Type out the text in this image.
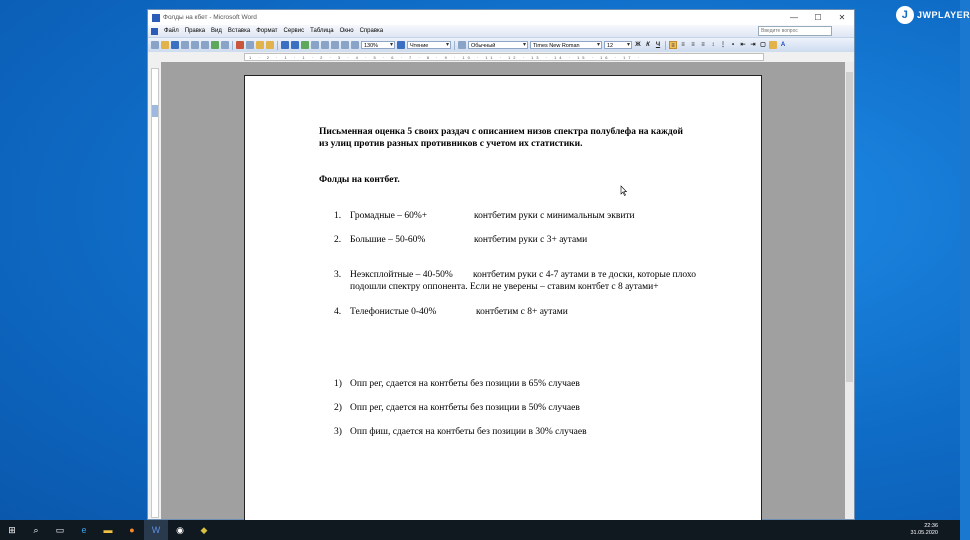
J JWPLAYER
Фолды на кбет - Microsoft Word	—	☐	✕
Файл	Правка	Вид	Вставка	Формат	Сервис	Таблица	Окно	Справка	Введите вопрос
130% ▾	Чтение ▾	Обычный ▾	Times New Roman ▾	12 ▾	Ж К	Ч	≡	≡	≡	≡	↕ ⋮ •	⇤ ⇥ ▢	A
1 · 2 · 1 · 1 · 2 · 3 · 4 · 5 · 6 · 7 · 8 · 9 · 10 · 11 · 12 · 13 · 14 · 15 · 16 · 17 ·
Письменная оценка 5 своих раздач с описанием низов спектра полублефа на каждой
из улиц против разных противников с учетом их статистики.
Фолды на контбет.
1. Громадные – 60%+	контбетим руки с минимальным эквити
2. Большие – 50-60%	контбетим руки с 3+ аутами
3. Неэксплойтные – 40-50%	контбетим руки с 4-7 аутами в те доски, которые плохо
подошли спектру оппонента. Если не уверены – ставим контбет с 8 аутами+
4. Телефонистые 0-40%	контбетим с 8+ аутами
1) Опп рег, сдается на контбеты без позиции в 65% случаев
2) Опп рег, сдается на контбеты без позиции в 50% случаев
3) Опп фиш, сдается на контбеты без позиции в 30% случаев
⊞	⌕	▭	e	▬	●	W	◉	◆	22:36
31.05.2020
